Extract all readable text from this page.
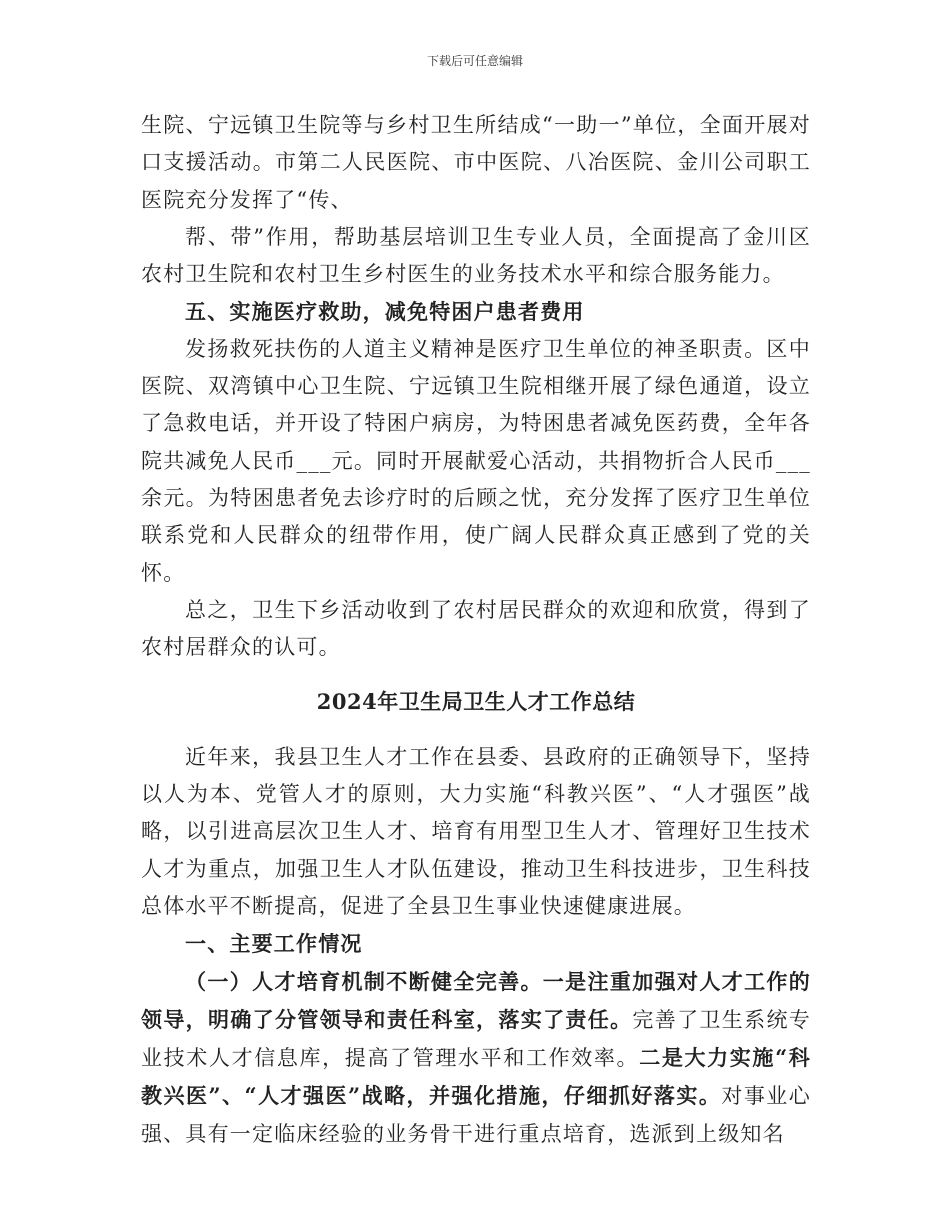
下载后可任意编辑

生院、宁远镇卫生院等与乡村卫生所结成“一助一”单位，全面开展对口支援活动。市第二人民医院、市中医院、八冶医院、金川公司职工医院充分发挥了“传、

帮、带”作用，帮助基层培训卫生专业人员，全面提高了金川区农村卫生院和农村卫生乡村医生的业务技术水平和综合服务能力。

五、实施医疗救助，减免特困户患者费用

发扬救死扶伤的人道主义精神是医疗卫生单位的神圣职责。区中医院、双湾镇中心卫生院、宁远镇卫生院相继开展了绿色通道，设立了急救电话，并开设了特困户病房，为特困患者减免医药费，全年各院共减免人民币___元。同时开展献爱心活动，共捐物折合人民币___余元。为特困患者免去诊疗时的后顾之忧，充分发挥了医疗卫生单位联系党和人民群众的纽带作用，使广阔人民群众真正感到了党的关怀。

总之，卫生下乡活动收到了农村居民群众的欢迎和欣赏，得到了农村居群众的认可。

2024年卫生局卫生人才工作总结

近年来，我县卫生人才工作在县委、县政府的正确领导下，坚持以人为本、党管人才的原则，大力实施“科教兴医”、“人才强医”战略，以引进高层次卫生人才、培育有用型卫生人才、管理好卫生技术人才为重点，加强卫生人才队伍建设，推动卫生科技进步，卫生科技总体水平不断提高，促进了全县卫生事业快速健康进展。

一、主要工作情况

（一）人才培育机制不断健全完善。一是注重加强对人才工作的领导，明确了分管领导和责任科室，落实了责任。完善了卫生系统专业技术人才信息库，提高了管理水平和工作效率。二是大力实施“科教兴医”、“人才强医”战略，并强化措施，仔细抓好落实。对事业心强、具有一定临床经验的业务骨干进行重点培育，选派到上级知名
